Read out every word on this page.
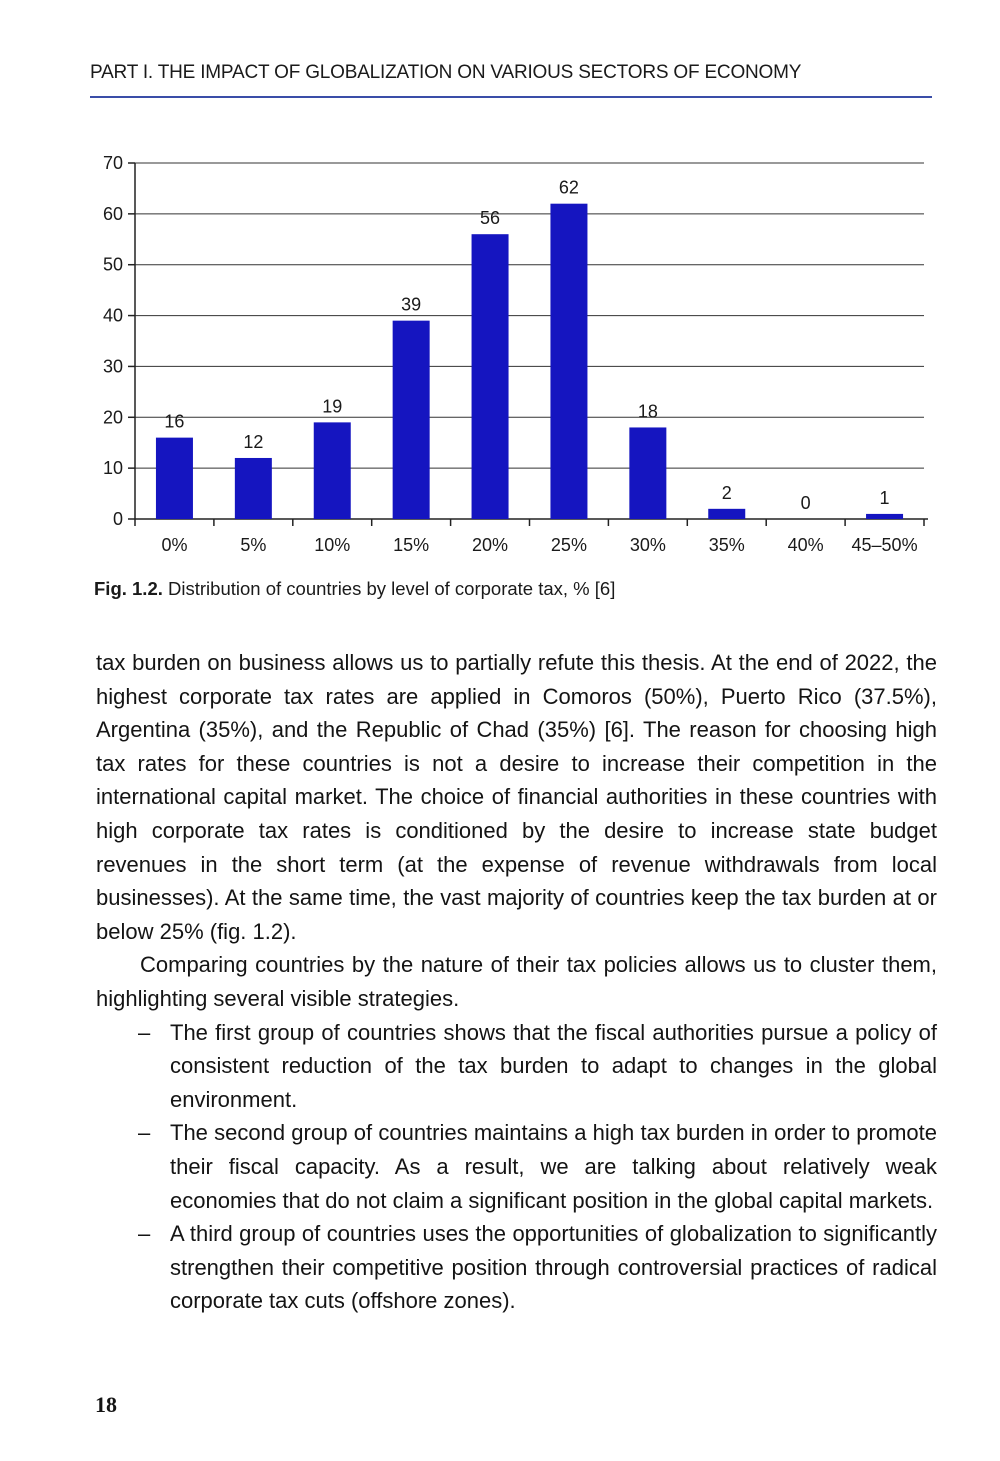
PART I. THE IMPACT OF GLOBALIZATION ON VARIOUS SECTORS OF ECONOMY
0
10
20
30
40
50
60
70
16
0%
12
5%
19
10%
39
15%
56
20%
62
25%
18
30%
2
35%
0
40%
1
45–50%
Fig. 1.2. Distribution of countries by level of corporate tax, % [6]

tax burden on business allows us to partially refute this thesis. At the end of 2022, the highest corporate tax rates are applied in Comoros (50%), Puerto Rico (37.5%), Argentina (35%), and the Republic of Chad (35%) [6]. The reason for choosing high tax rates for these countries is not a desire to increase their competition in the international capital market. The choice of financial authorities in these countries with high corporate tax rates is conditioned by the desire to increase state budget revenues in the short term (at the expense of revenue withdrawals from local businesses). At the same time, the vast majority of countries keep the tax burden at or below 25% (fig. 1.2).

Comparing countries by the nature of their tax policies allows us to cluster them, highlighting several visible strategies.

– The first group of countries shows that the fiscal authorities pursue a policy of consistent reduction of the tax burden to adapt to changes in the global environment.
– The second group of countries maintains a high tax burden in order to promote their fiscal capacity. As a result, we are talking about relatively weak economies that do not claim a significant position in the global capital markets.
– A third group of countries uses the opportunities of globalization to significantly strengthen their competitive position through controversial practices of radical corporate tax cuts (offshore zones).
18
